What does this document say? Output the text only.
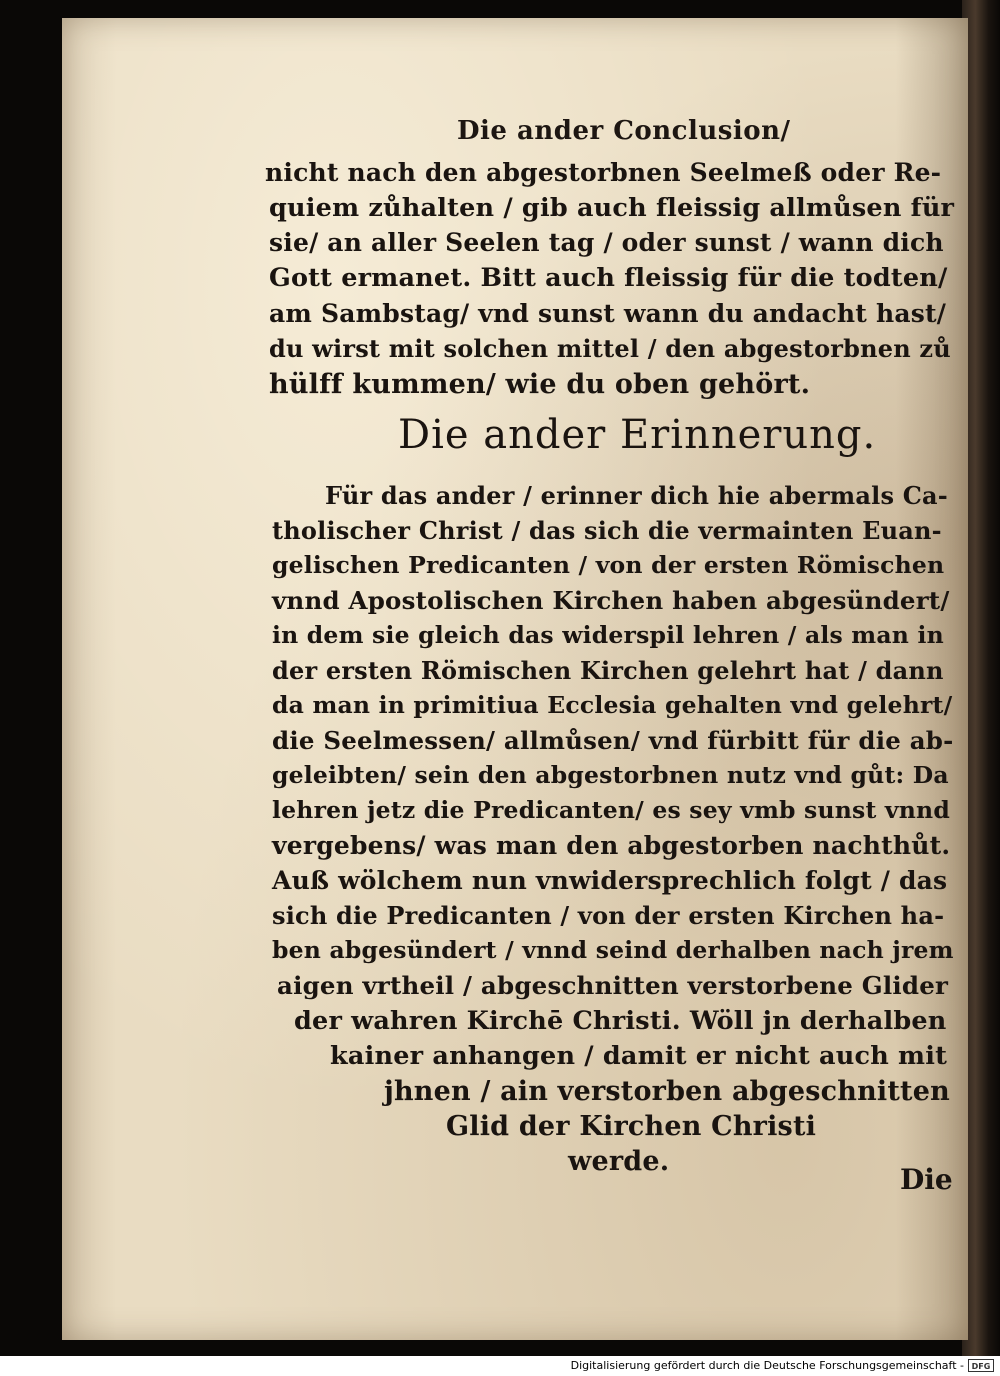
Die ander Conclusion/
nicht nach den abgestorbnen Seelmeß oder Re-
quiem zůhalten / gib auch fleissig allmůsen für
sie/ an aller Seelen tag / oder sunst / wann dich
Gott ermanet. Bitt auch fleissig für die todten/
am Sambstag/ vnd sunst wann du andacht hast/
du wirst mit solchen mittel / den abgestorbnen zů
hülff kummen/ wie du oben gehört.
Die ander Erinnerung.
Für das ander / erinner dich hie abermals Ca-
tholischer Christ / das sich die vermainten Euan-
gelischen Predicanten / von der ersten Römischen
vnnd Apostolischen Kirchen haben abgesündert/
in dem sie gleich das widerspil lehren / als man in
der ersten Römischen Kirchen gelehrt hat / dann
da man in primitiua Ecclesia gehalten vnd gelehrt/
die Seelmessen/ allmůsen/ vnd fürbitt für die ab-
geleibten/ sein den abgestorbnen nutz vnd gůt: Da
lehren jetz die Predicanten/ es sey vmb sunst vnnd
vergebens/ was man den abgestorben nachthůt.
Auß wölchem nun vnwidersprechlich folgt / das
sich die Predicanten / von der ersten Kirchen ha-
ben abgesündert / vnnd seind derhalben nach jrem
aigen vrtheil / abgeschnitten verstorbene Glider
der wahren Kirchē Christi. Wöll jn derhalben
kainer anhangen / damit er nicht auch mit
jhnen / ain verstorben abgeschnitten
Glid der Kirchen Christi
werde.
Die
Digitalisierung gefördert durch die Deutsche Forschungsgemeinschaft - DFG
